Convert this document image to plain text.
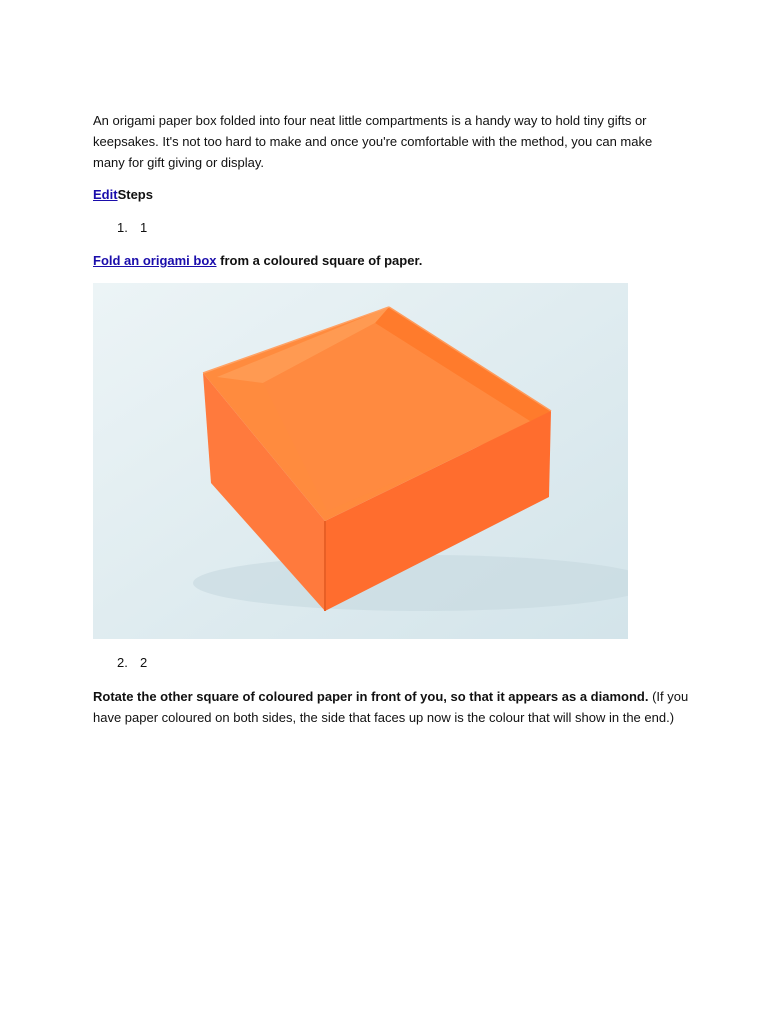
An origami paper box folded into four neat little compartments is a handy way to hold tiny gifts or
keepsakes. It's not too hard to make and once you're comfortable with the method, you can make
many for gift giving or display.
EditSteps
1. 1
Fold an origami box from a coloured square of paper.
2. 2
Rotate the other square of coloured paper in front of you, so that it appears as a diamond. (If you
have paper coloured on both sides, the side that faces up now is the colour that will show in the end.)
